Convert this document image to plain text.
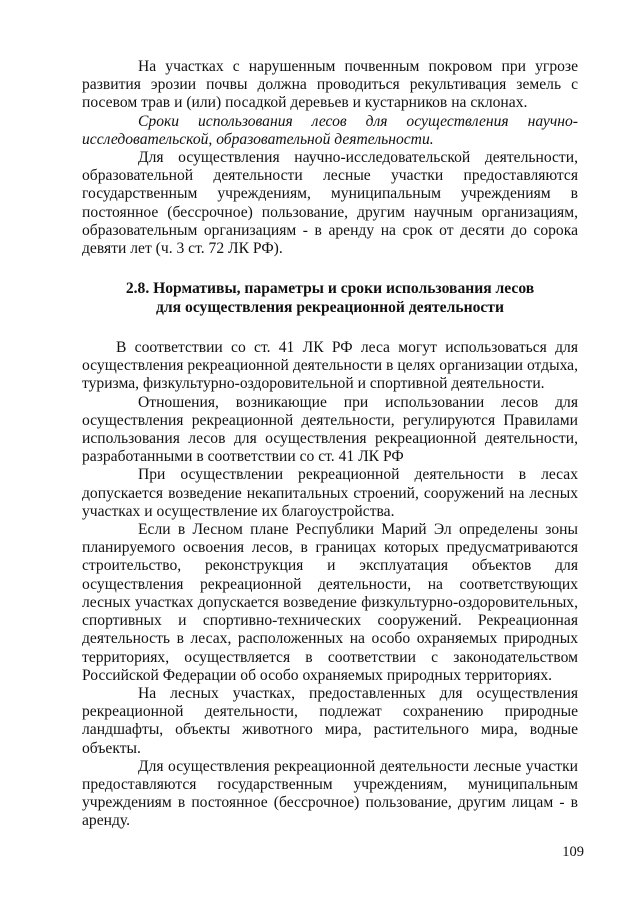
На участках с нарушенным почвенным покровом при угрозе развития эрозии почвы должна проводиться рекультивация земель с посевом трав и (или) посадкой деревьев и кустарников на склонах.

Сроки использования лесов для осуществления научно-исследовательской, образовательной деятельности.

Для осуществления научно-исследовательской деятельности, образовательной деятельности лесные участки предоставляются государственным учреждениям, муниципальным учреждениям в постоянное (бессрочное) пользование, другим научным организациям, образовательным организациям - в аренду на срок от десяти до сорока девяти лет (ч. 3 ст. 72 ЛК РФ).

2.8. Нормативы, параметры и сроки использования лесов
для осуществления рекреационной деятельности

В соответствии со ст. 41 ЛК РФ леса могут использоваться для осуществления рекреационной деятельности в целях организации отдыха, туризма, физкультурно-оздоровительной и спортивной деятельности.

Отношения, возникающие при использовании лесов для осуществления рекреационной деятельности, регулируются Правилами использования лесов для осуществления рекреационной деятельности, разработанными в соответствии со ст. 41 ЛК РФ

При осуществлении рекреационной деятельности в лесах допускается возведение некапитальных строений, сооружений на лесных участках и осуществление их благоустройства.

Если в Лесном плане Республики Марий Эл определены зоны планируемого освоения лесов, в границах которых предусматриваются строительство, реконструкция и эксплуатация объектов для осуществления рекреационной деятельности, на соответствующих лесных участках допускается возведение физкультурно-оздоровительных, спортивных и спортивно-технических сооружений. Рекреационная деятельность в лесах, расположенных на особо охраняемых природных территориях, осуществляется в соответствии с законодательством Российской Федерации об особо охраняемых природных территориях.

На лесных участках, предоставленных для осуществления рекреационной деятельности, подлежат сохранению природные ландшафты, объекты животного мира, растительного мира, водные объекты.

Для осуществления рекреационной деятельности лесные участки предоставляются государственным учреждениям, муниципальным учреждениям в постоянное (бессрочное) пользование, другим лицам - в аренду.

109
